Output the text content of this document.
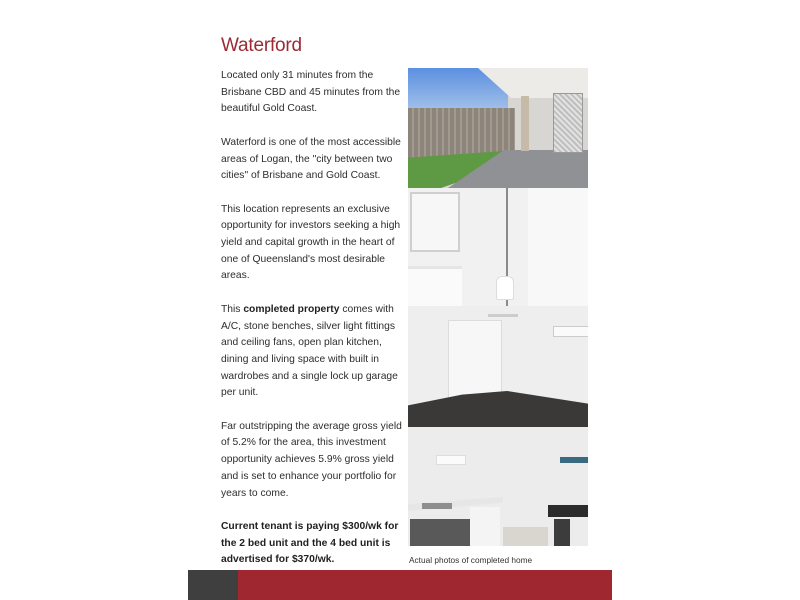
Waterford

Located only 31 minutes from the Brisbane CBD and 45 minutes from the beautiful Gold Coast.

Waterford is one of the most accessible areas of Logan, the "city between two cities" of Brisbane and Gold Coast.

This location represents an exclusive opportunity for investors seeking a high yield and capital growth in the heart of one of Queensland's most desirable areas.

This completed property comes with A/C, stone benches, silver light fittings and ceiling fans, open plan kitchen, dining and living space with built in wardrobes and a single lock up garage per unit.

Far outstripping the average gross yield of 5.2% for the area, this investment opportunity achieves 5.9% gross yield and is set to enhance your portfolio for years to come.

Current tenant is paying $300/wk for the 2 bed unit and the 4 bed unit is advertised for $370/wk.	Actual photos of completed home
